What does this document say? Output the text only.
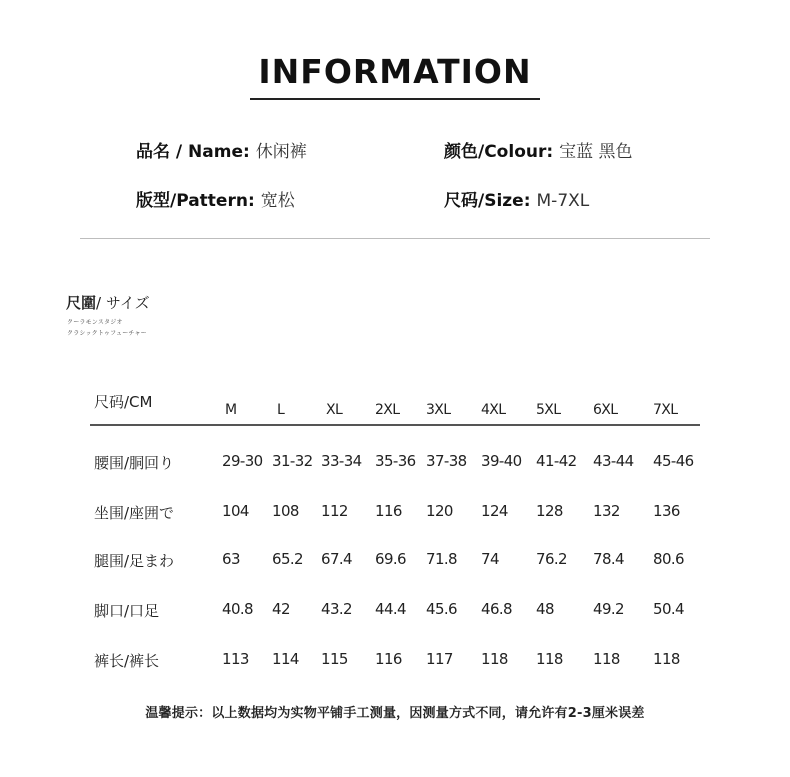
INFORMATION
品名 / Name: 休闲裤	颜色/Colour: 宝蓝 黑色
版型/Pattern: 宽松	尺码/Size: M-7XL
尺圍/ サイズ
クーラモンスタジオ
クラシックトゥフューチャー
尺码/CM	M	L	XL 2XL 3XL 4XL 5XL 6XL	7XL
腰围/胴回り	29-30 31-32 33-34 35-36 37-38 39-40 41-42 43-44 45-46
坐围/座囲で	104 108 112 116 120 124 128 132 136
腿围/足まわ	63 65.2 67.4 69.6 71.8 74 76.2 78.4 80.6
脚口/口足	40.8 42 43.2 44.4 45.6 46.8 48	49.2 50.4
裤长/裤长	113 114 115 116 117 118 118 118 118
温馨提示：以上数据均为实物平铺手工测量，因测量方式不同，请允许有2-3厘米误差
